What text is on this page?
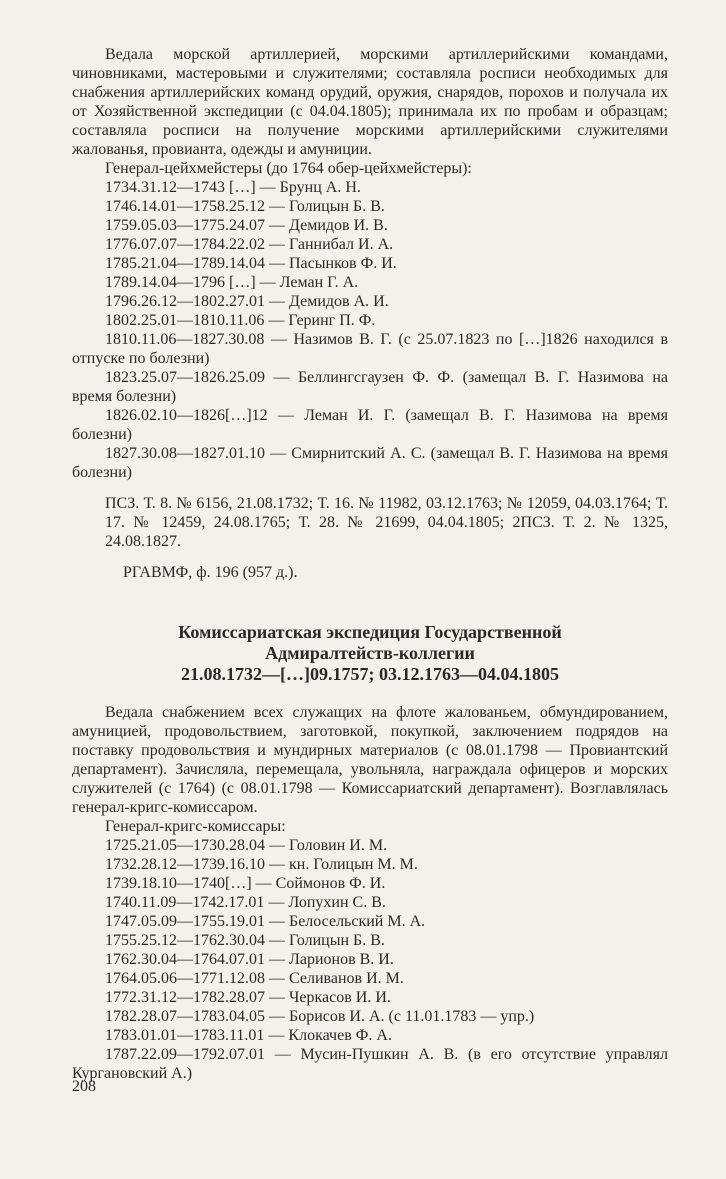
Ведала морской артиллерией, морскими артиллерийскими командами, чиновниками, мастеровыми и служителями; составляла росписи необходимых для снабжения артиллерийских команд орудий, оружия, снарядов, порохов и получала их от Хозяйственной экспедиции (с 04.04.1805); принимала их по пробам и образцам; составляла росписи на получение морскими артиллерийскими служителями жалованья, провианта, одежды и амуниции.

Генерал-цейхмейстеры (до 1764 обер-цейхмейстеры):
1734.31.12—1743 […] — Брунц А. Н.
1746.14.01—1758.25.12 — Голицын Б. В.
1759.05.03—1775.24.07 — Демидов И. В.
1776.07.07—1784.22.02 — Ганнибал И. А.
1785.21.04—1789.14.04 — Пасынков Ф. И.
1789.14.04—1796 […] — Леман Г. А.
1796.26.12—1802.27.01 — Демидов А. И.
1802.25.01—1810.11.06 — Геринг П. Ф.
1810.11.06—1827.30.08 — Назимов В. Г. (с 25.07.1823 по […]1826 находился в отпуске по болезни)
1823.25.07—1826.25.09 — Беллингсгаузен Ф. Ф. (замещал В. Г. Назимова на время болезни)
1826.02.10—1826[…]12 — Леман И. Г. (замещал В. Г. Назимова на время болезни)
1827.30.08—1827.01.10 — Смирнитский А. С. (замещал В. Г. Назимова на время болезни)

ПСЗ. Т. 8. № 6156, 21.08.1732; Т. 16. № 11982, 03.12.1763; № 12059, 04.03.1764; Т. 17. № 12459, 24.08.1765; Т. 28. № 21699, 04.04.1805; 2ПСЗ. Т. 2. № 1325, 24.08.1827.

РГАВМФ, ф. 196 (957 д.).

Комиссариатская экспедиция Государственной
Адмиралтейств-коллегии
21.08.1732—[…]09.1757; 03.12.1763—04.04.1805

Ведала снабжением всех служащих на флоте жалованьем, обмундированием, амуницией, продовольствием, заготовкой, покупкой, заключением подрядов на поставку продовольствия и мундирных материалов (с 08.01.1798 — Провиантский департамент). Зачисляла, перемещала, увольняла, награждала офицеров и морских служителей (с 1764) (с 08.01.1798 — Комиссариатский департамент). Возглавлялась генерал-кригс-комиссаром.

Генерал-кригс-комиссары:
1725.21.05—1730.28.04 — Головин И. М.
1732.28.12—1739.16.10 — кн. Голицын М. М.
1739.18.10—1740[…] — Соймонов Ф. И.
1740.11.09—1742.17.01 — Лопухин С. В.
1747.05.09—1755.19.01 — Белосельский М. А.
1755.25.12—1762.30.04 — Голицын Б. В.
1762.30.04—1764.07.01 — Ларионов В. И.
1764.05.06—1771.12.08 — Селиванов И. М.
1772.31.12—1782.28.07 — Черкасов И. И.
1782.28.07—1783.04.05 — Борисов И. А. (с 11.01.1783 — упр.)
1783.01.01—1783.11.01 — Клокачев Ф. А.
1787.22.09—1792.07.01 — Мусин-Пушкин А. В. (в его отсутствие управлял Кургановский А.)
208
